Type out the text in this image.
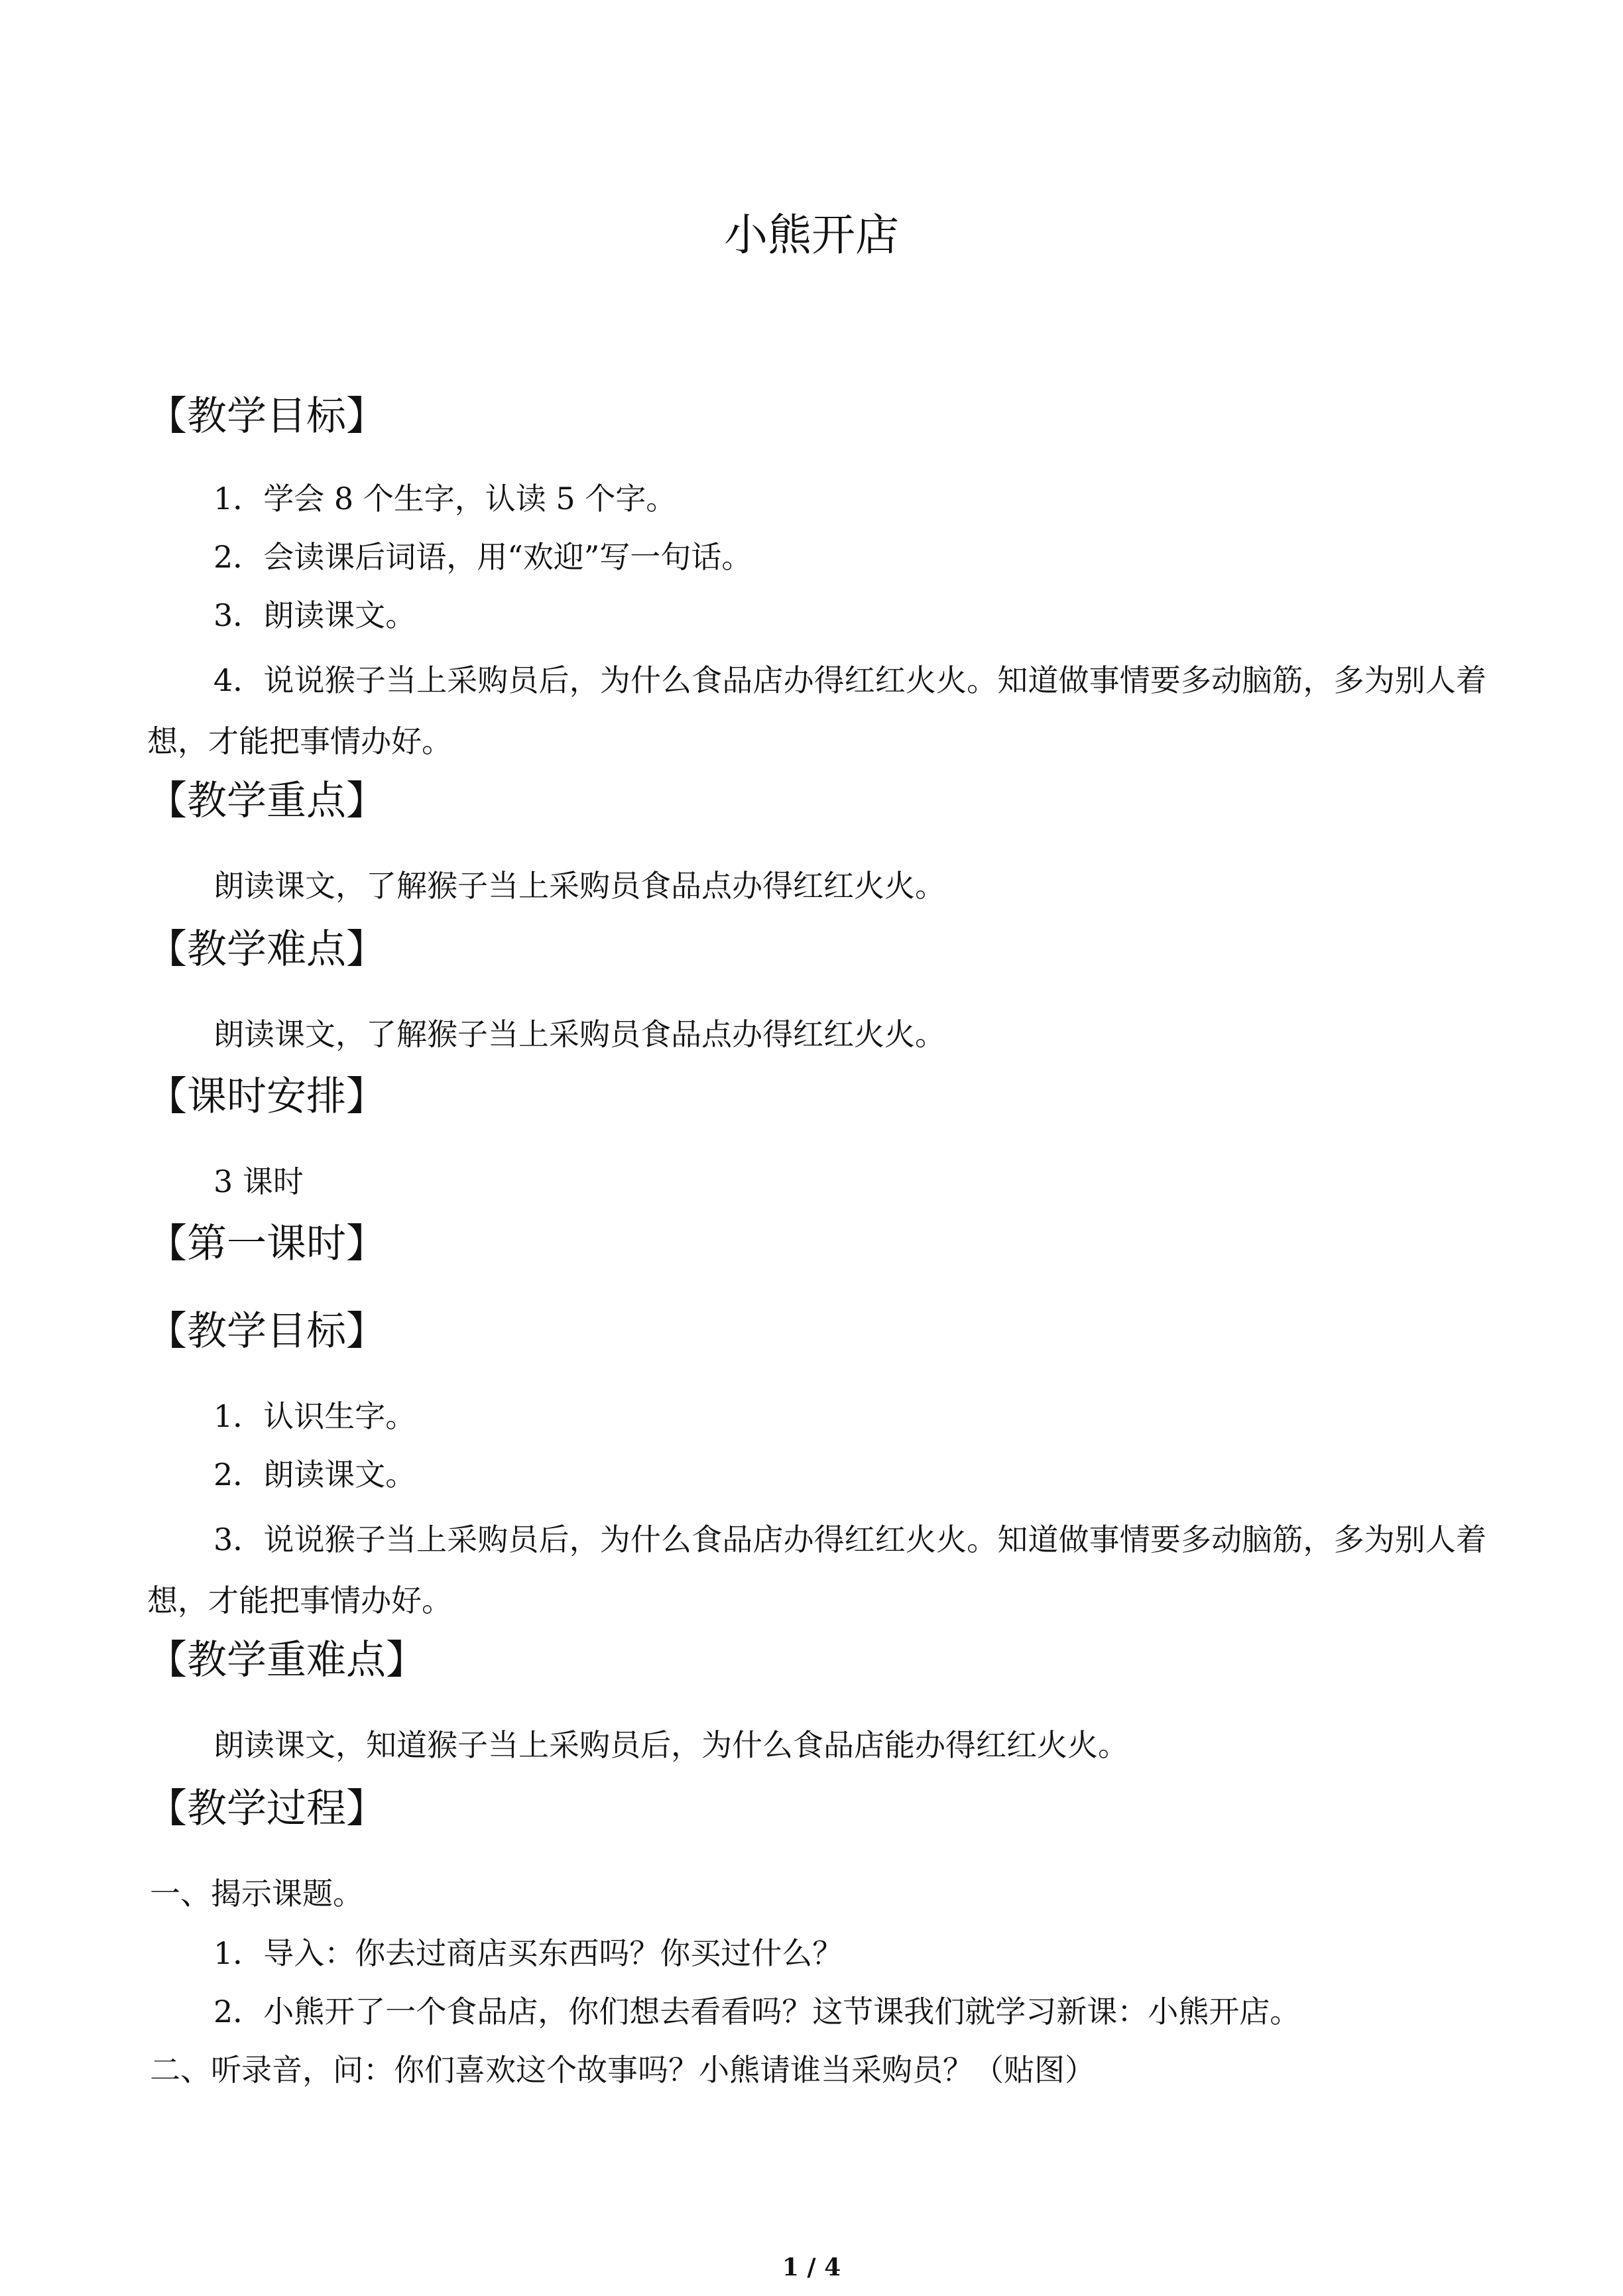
小熊开店
【教学目标】

1．学会 8 个生字，认读 5 个字。

2．会读课后词语，用“欢迎”写一句话。

3．朗读课文。

4．说说猴子当上采购员后，为什么食品店办得红红火火。知道做事情要多动脑筋，多为别人着想，才能把事情办好。

【教学重点】

朗读课文，了解猴子当上采购员食品点办得红红火火。

【教学难点】

朗读课文，了解猴子当上采购员食品点办得红红火火。

【课时安排】

3 课时

【第一课时】
【教学目标】

1．认识生字。

2．朗读课文。

3．说说猴子当上采购员后，为什么食品店办得红红火火。知道做事情要多动脑筋，多为别人着想，才能把事情办好。

【教学重难点】

朗读课文，知道猴子当上采购员后，为什么食品店能办得红红火火。

【教学过程】

一、揭示课题。

1．导入：你去过商店买东西吗？你买过什么？

2．小熊开了一个食品店，你们想去看看吗？这节课我们就学习新课：小熊开店。

二、听录音，问：你们喜欢这个故事吗？小熊请谁当采购员？（贴图）

1 / 4
